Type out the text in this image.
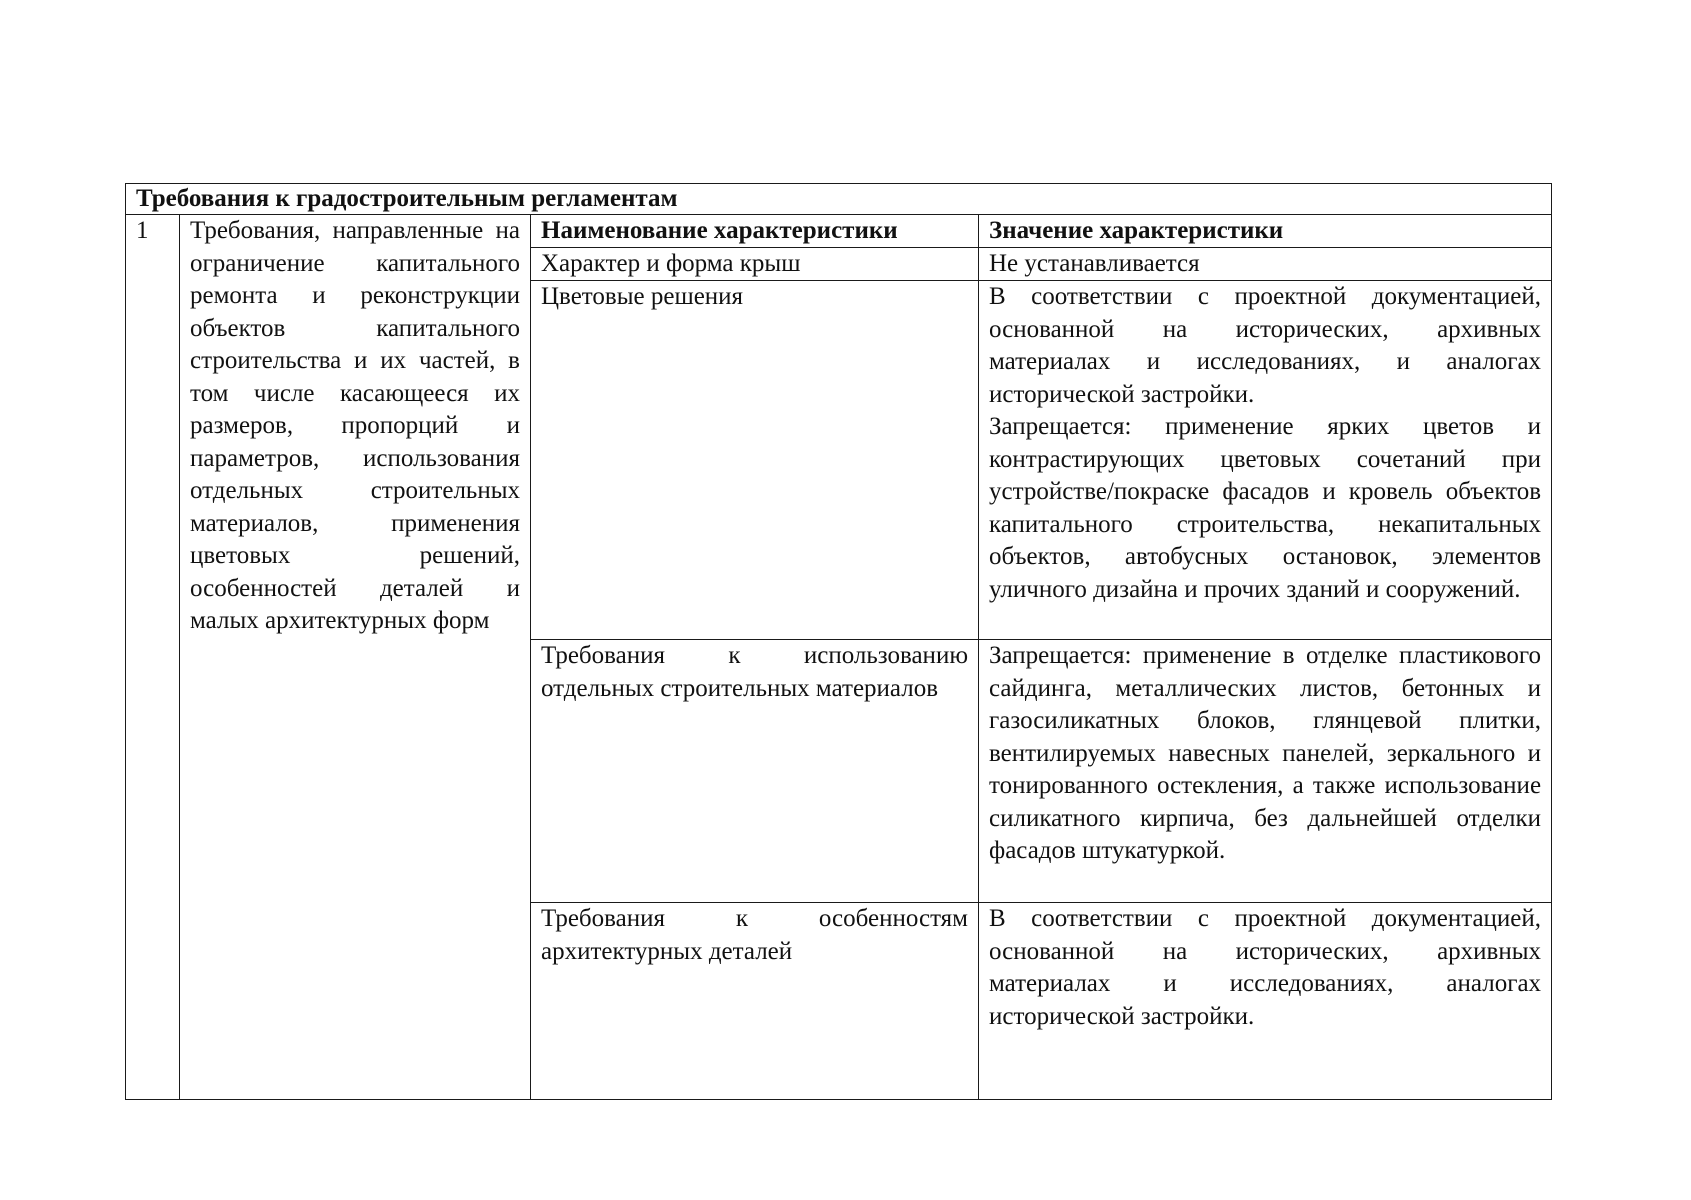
Требования к градостроительным регламентам			
1	Требования, направленные на ограничение капитального ремонта и реконструкции объектов капитального строительства и их частей, в том числе касающееся их размеров, пропорций и параметров, использования отдельных строительных материалов, применения цветовых решений, особенностей деталей и малых архитектурных форм	Наименование характеристики	Значение характеристики
		Характер и форма крыш	Не устанавливается
		Цветовые решения	В соответствии с проектной документацией, основанной на исторических, архивных материалах и исследованиях, и аналогах исторической застройки.
Запрещается: применение ярких цветов и контрастирующих цветовых сочетаний при устройстве/покраске фасадов и кровель объектов капитального строительства, некапитальных объектов, автобусных остановок, элементов уличного дизайна и прочих зданий и сооружений.

		Требования к использованию отдельных строительных материалов	Запрещается: применение в отделке пластикового сайдинга, металлических листов, бетонных и газосиликатных блоков, глянцевой плитки, вентилируемых навесных панелей, зеркального и тонированного остекления, а также использование силикатного кирпича, без дальнейшей отделки фасадов штукатуркой.
		Требования к особенностям архитектурных деталей	В соответствии с проектной документацией, основанной на исторических, архивных материалах и исследованиях, аналогах исторической застройки.
